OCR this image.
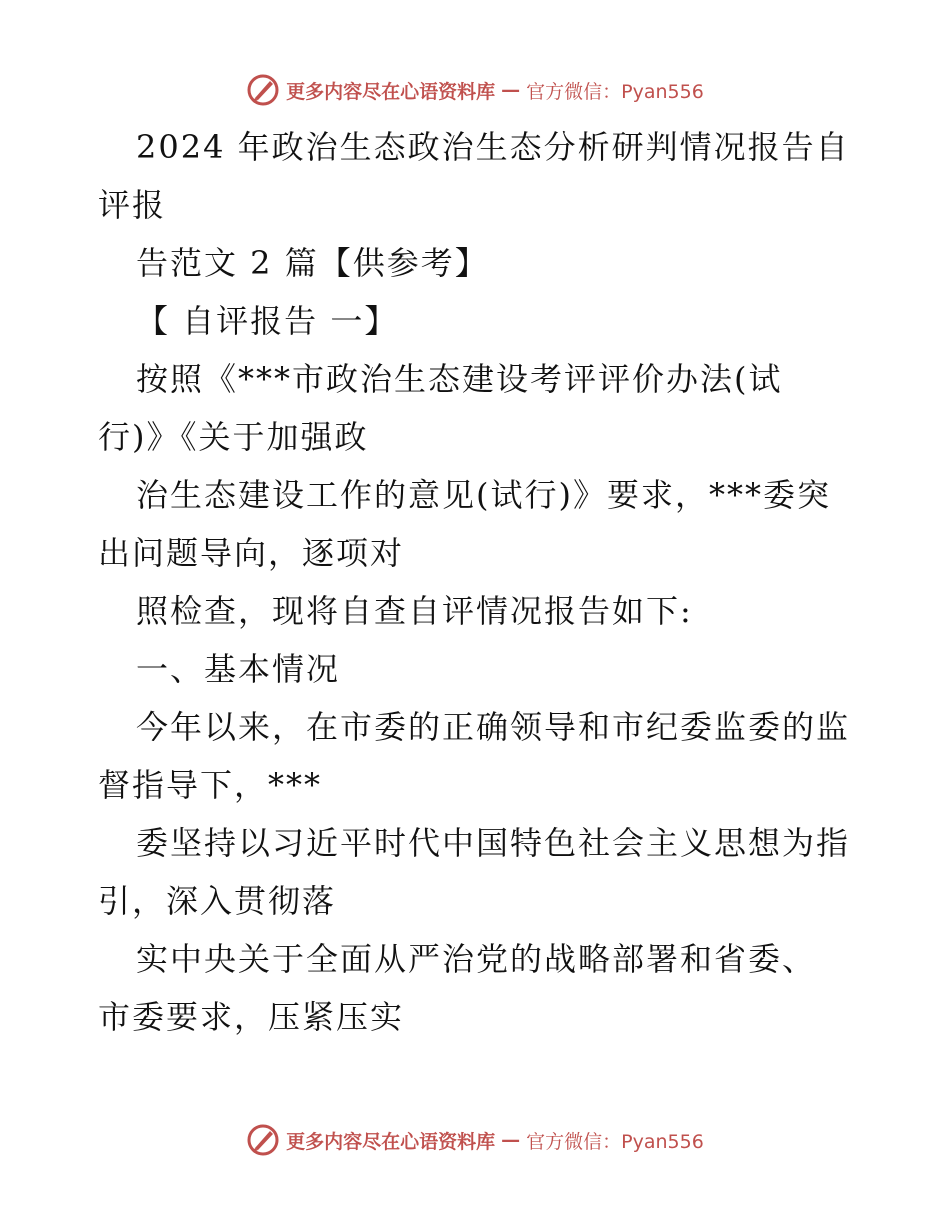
更多内容尽在心语资料库 — 官方微信：Pyan556
2024 年政治生态政治生态分析研判情况报告自
评报
告范文 2 篇【供参考】
【 自评报告 一】
按照《***市政治生态建设考评评价办法(试
行)》《关于加强政
治生态建设工作的意见(试行)》要求，***委突
出问题导向，逐项对
照检查，现将自查自评情况报告如下:
一、基本情况
今年以来，在市委的正确领导和市纪委监委的监
督指导下，***
委坚持以习近平时代中国特色社会主义思想为指
引，深入贯彻落
实中央关于全面从严治党的战略部署和省委、
市委要求，压紧压实
更多内容尽在心语资料库 — 官方微信：Pyan556
